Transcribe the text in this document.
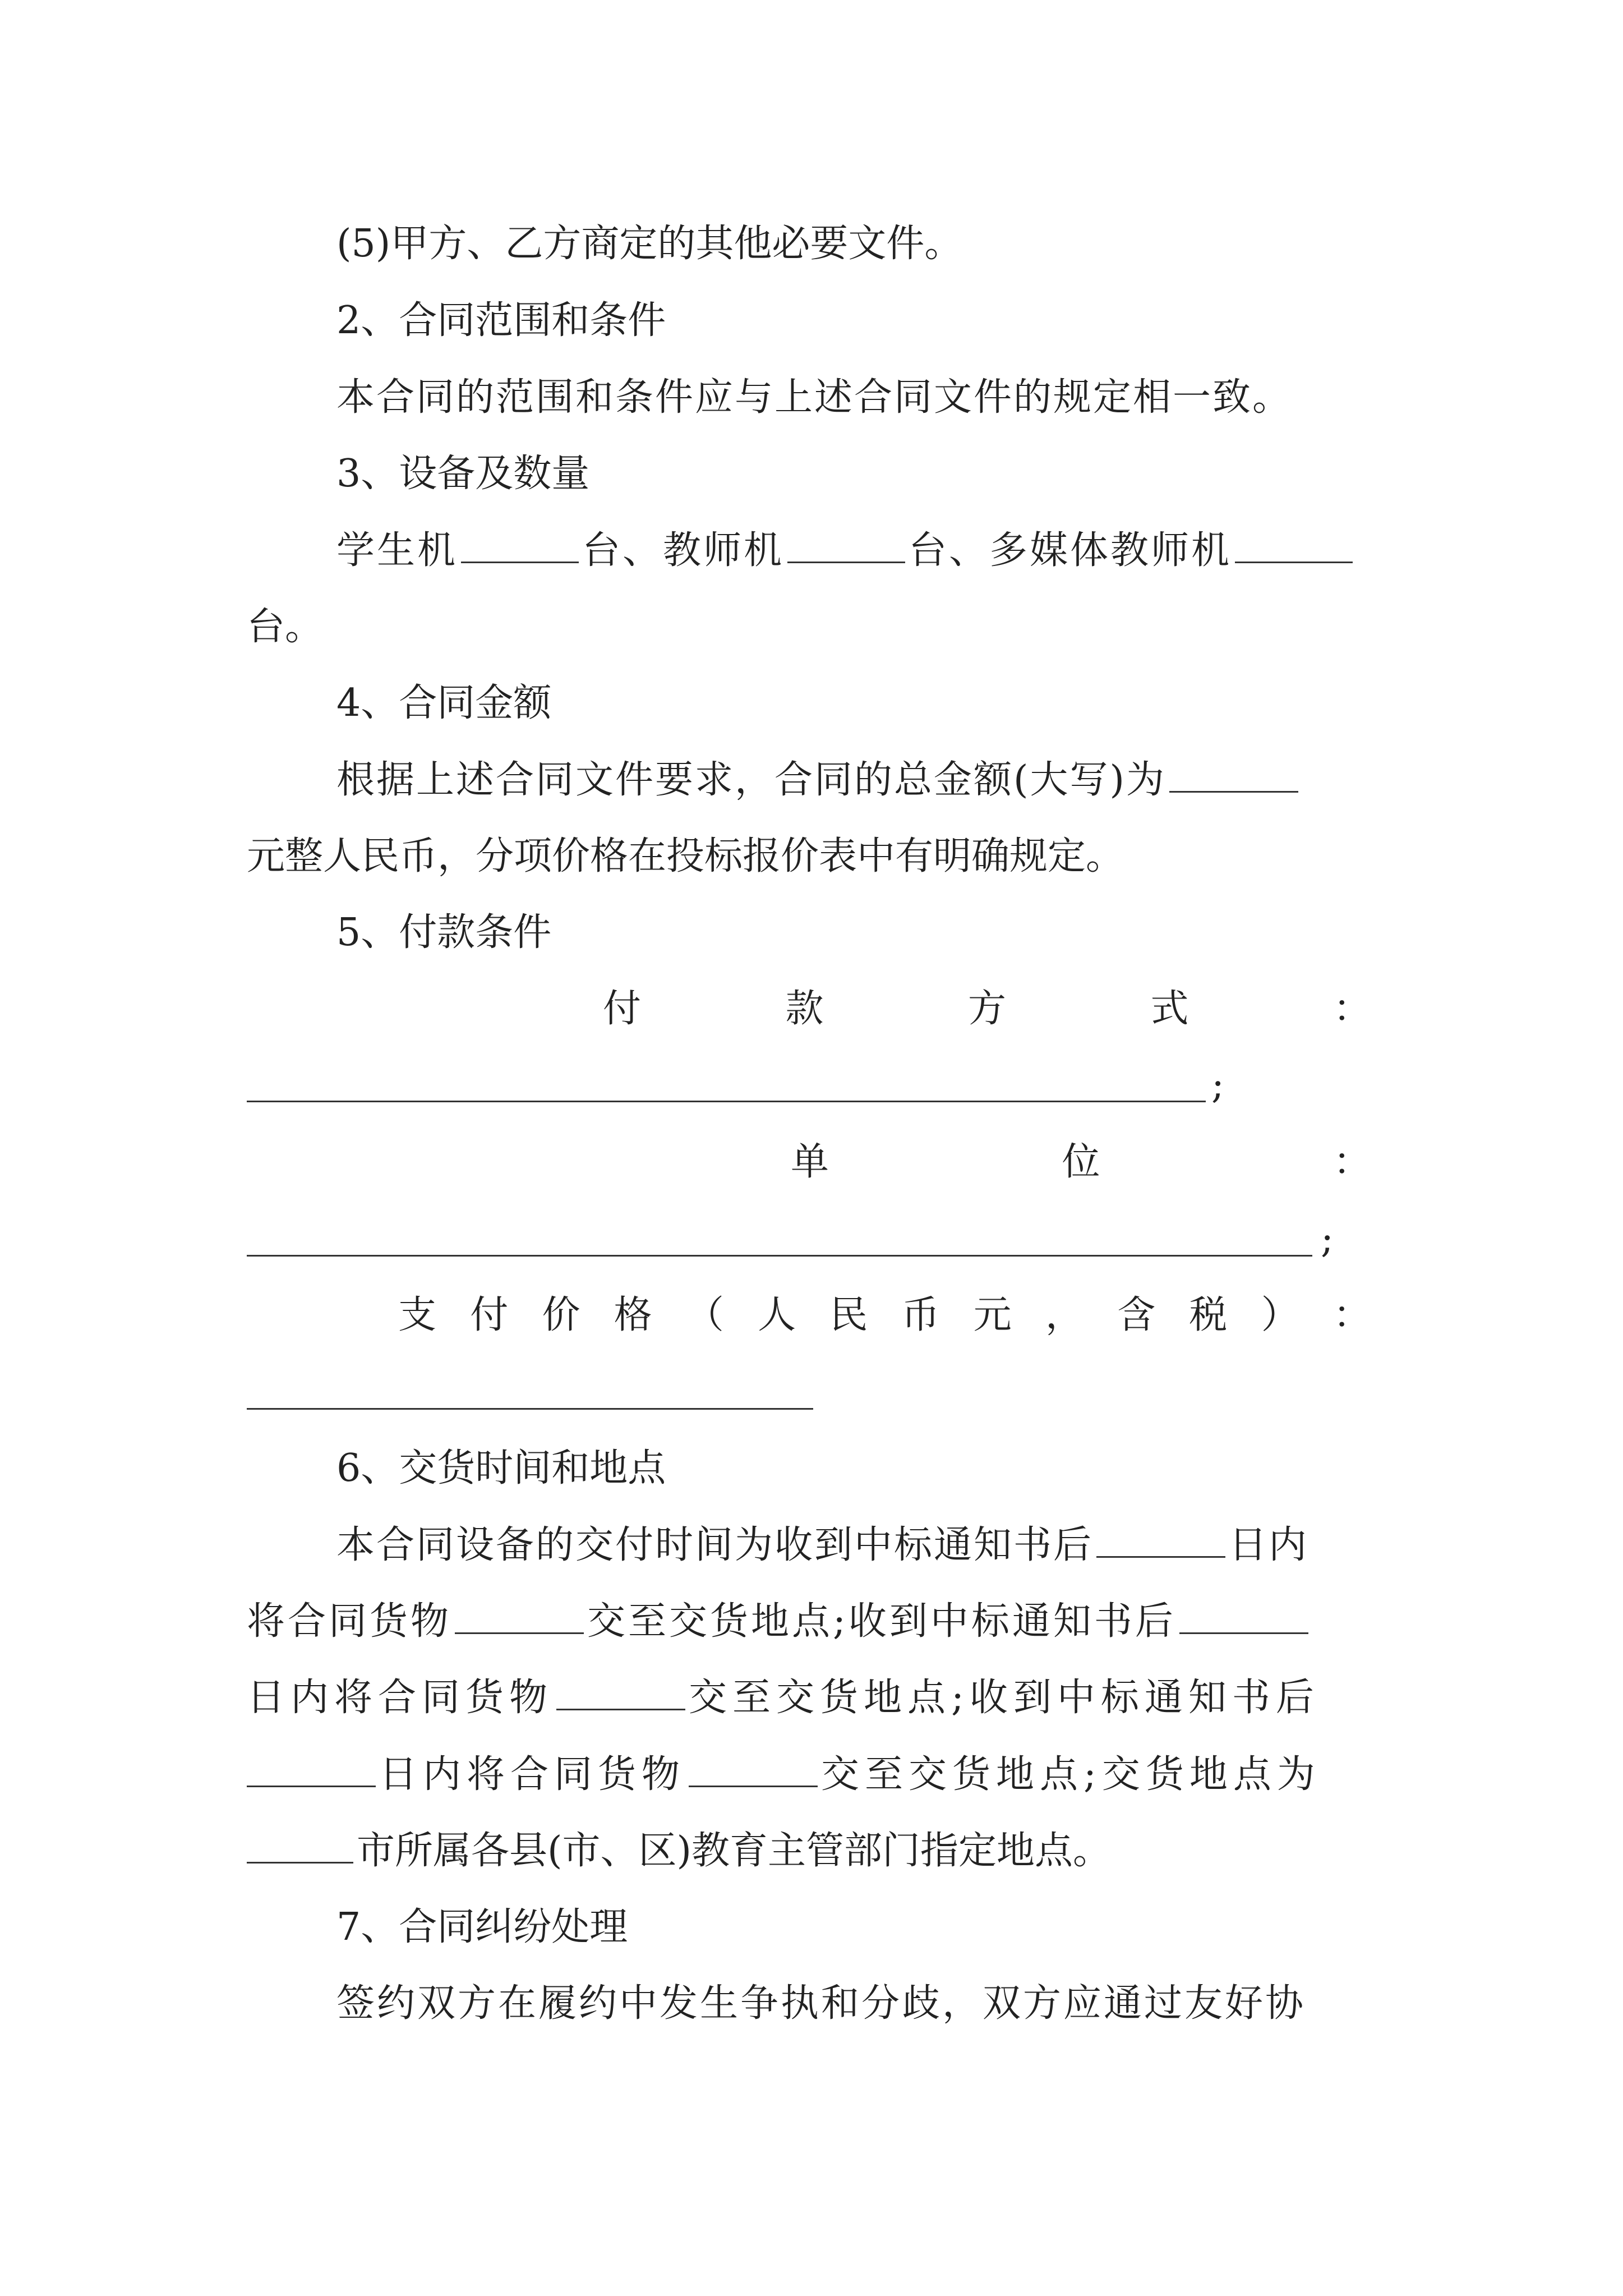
(5)甲方、乙方商定的其他必要文件。
2、合同范围和条件
本合同的范围和条件应与上述合同文件的规定相一致。
3、设备及数量
学生机	台、教师机	台、多媒体教师机
台。
4、合同金额
根据上述合同文件要求，合同的总金额(大写)为
元整人民币，分项价格在投标报价表中有明确规定。
5、付款条件
付	款	方	式	：
;
单	位	：
;
支 付 价 格 （ 人 民 币 元 ， 含 税 ） ：
6、交货时间和地点
本合同设备的交付时间为收到中标通知书后	日内
将合同货物	交至交货地点;收到中标通知书后
日内将合同货物	交至交货地点;收到中标通知书后
日内将合同货物	交至交货地点;交货地点为
市所属各县(市、区)教育主管部门指定地点。
7、合同纠纷处理
签约双方在履约中发生争执和分歧，双方应通过友好协
